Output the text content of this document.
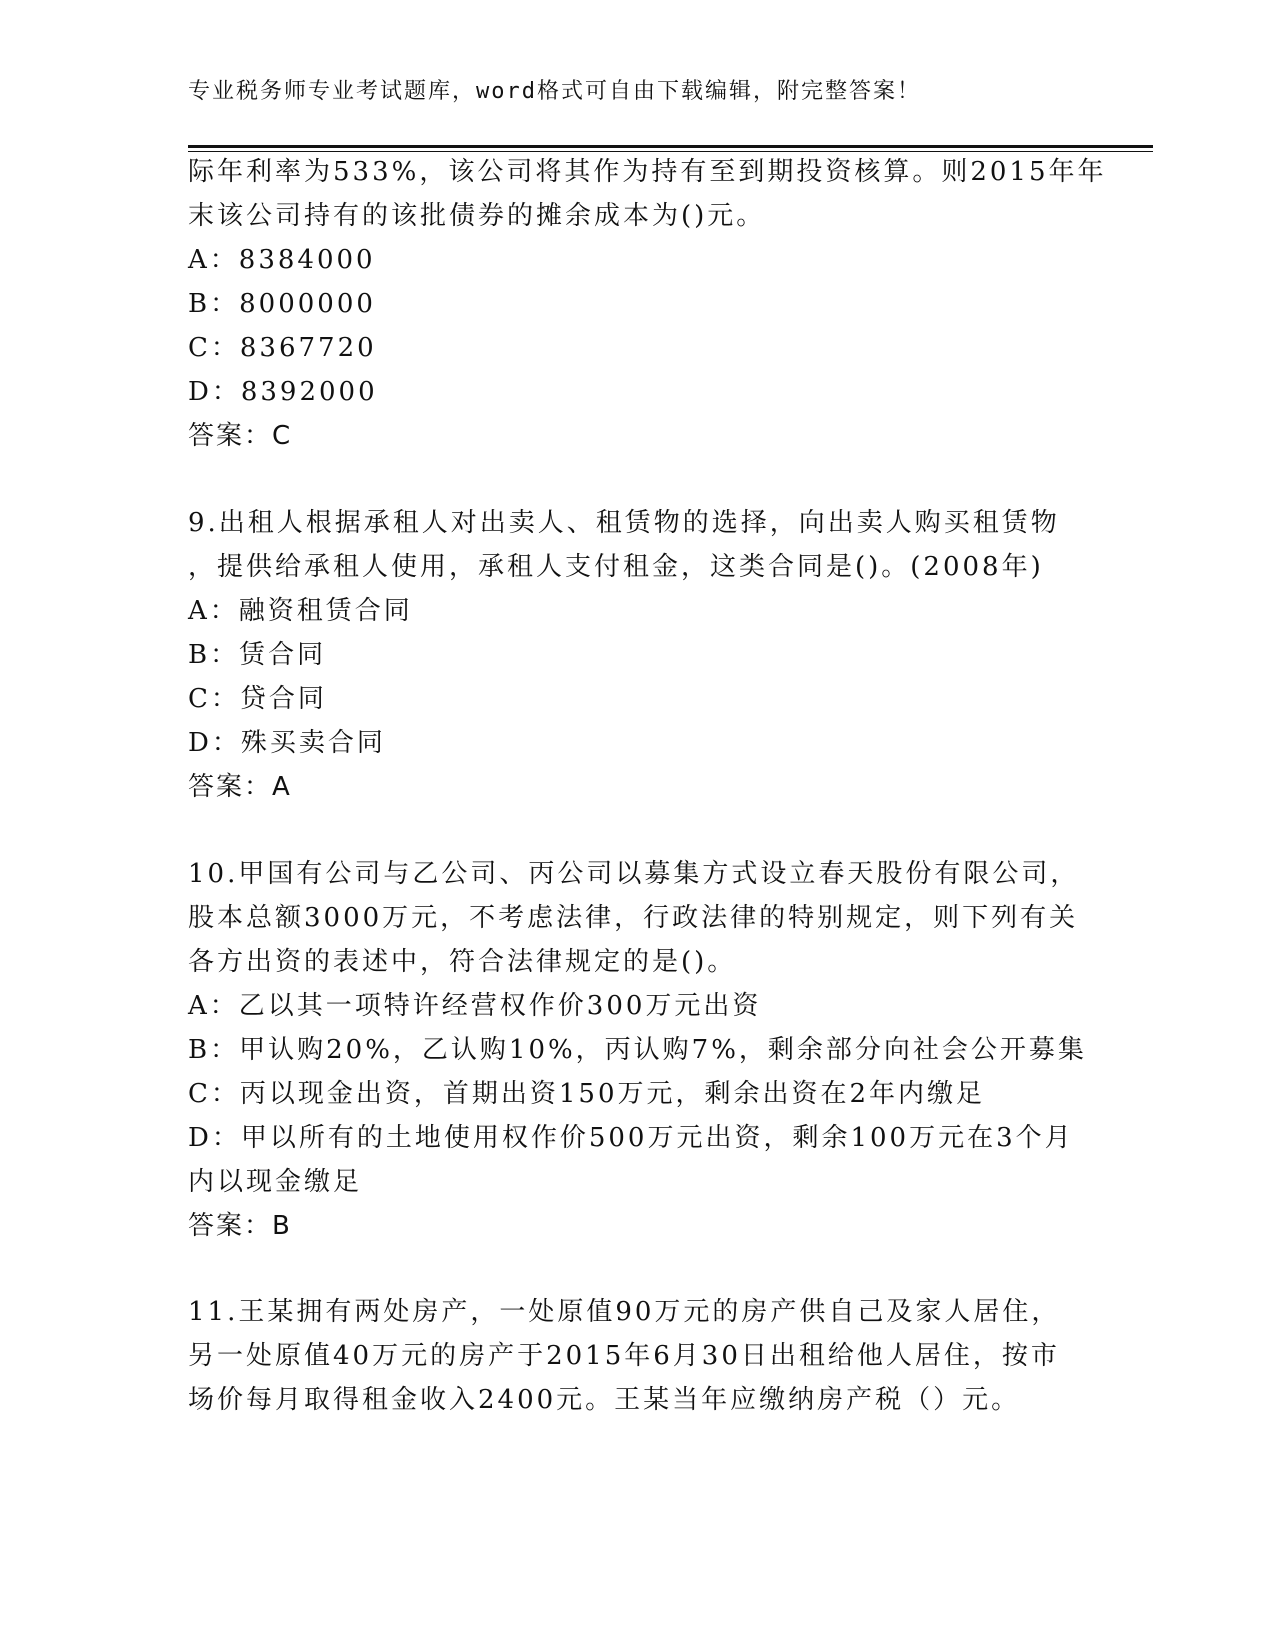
专业税务师专业考试题库，word格式可自由下载编辑，附完整答案！
际年利率为533%，该公司将其作为持有至到期投资核算。则2015年年
末该公司持有的该批债券的摊余成本为()元。
A：8384000
B：8000000
C：8367720
D：8392000
答案：C
9.出租人根据承租人对出卖人、租赁物的选择，向出卖人购买租赁物
，提供给承租人使用，承租人支付租金，这类合同是()。(2008年)
A：融资租赁合同
B：赁合同
C：贷合同
D：殊买卖合同
答案：A
10.甲国有公司与乙公司、丙公司以募集方式设立春天股份有限公司，
股本总额3000万元，不考虑法律，行政法律的特别规定，则下列有关
各方出资的表述中，符合法律规定的是()。
A：乙以其一项特许经营权作价300万元出资
B：甲认购20%，乙认购10%，丙认购7%，剩余部分向社会公开募集
C：丙以现金出资，首期出资150万元，剩余出资在2年内缴足
D：甲以所有的土地使用权作价500万元出资，剩余100万元在3个月
内以现金缴足
答案：B
11.王某拥有两处房产，一处原值90万元的房产供自己及家人居住，
另一处原值40万元的房产于2015年6月30日出租给他人居住，按市
场价每月取得租金收入2400元。王某当年应缴纳房产税（）元。
